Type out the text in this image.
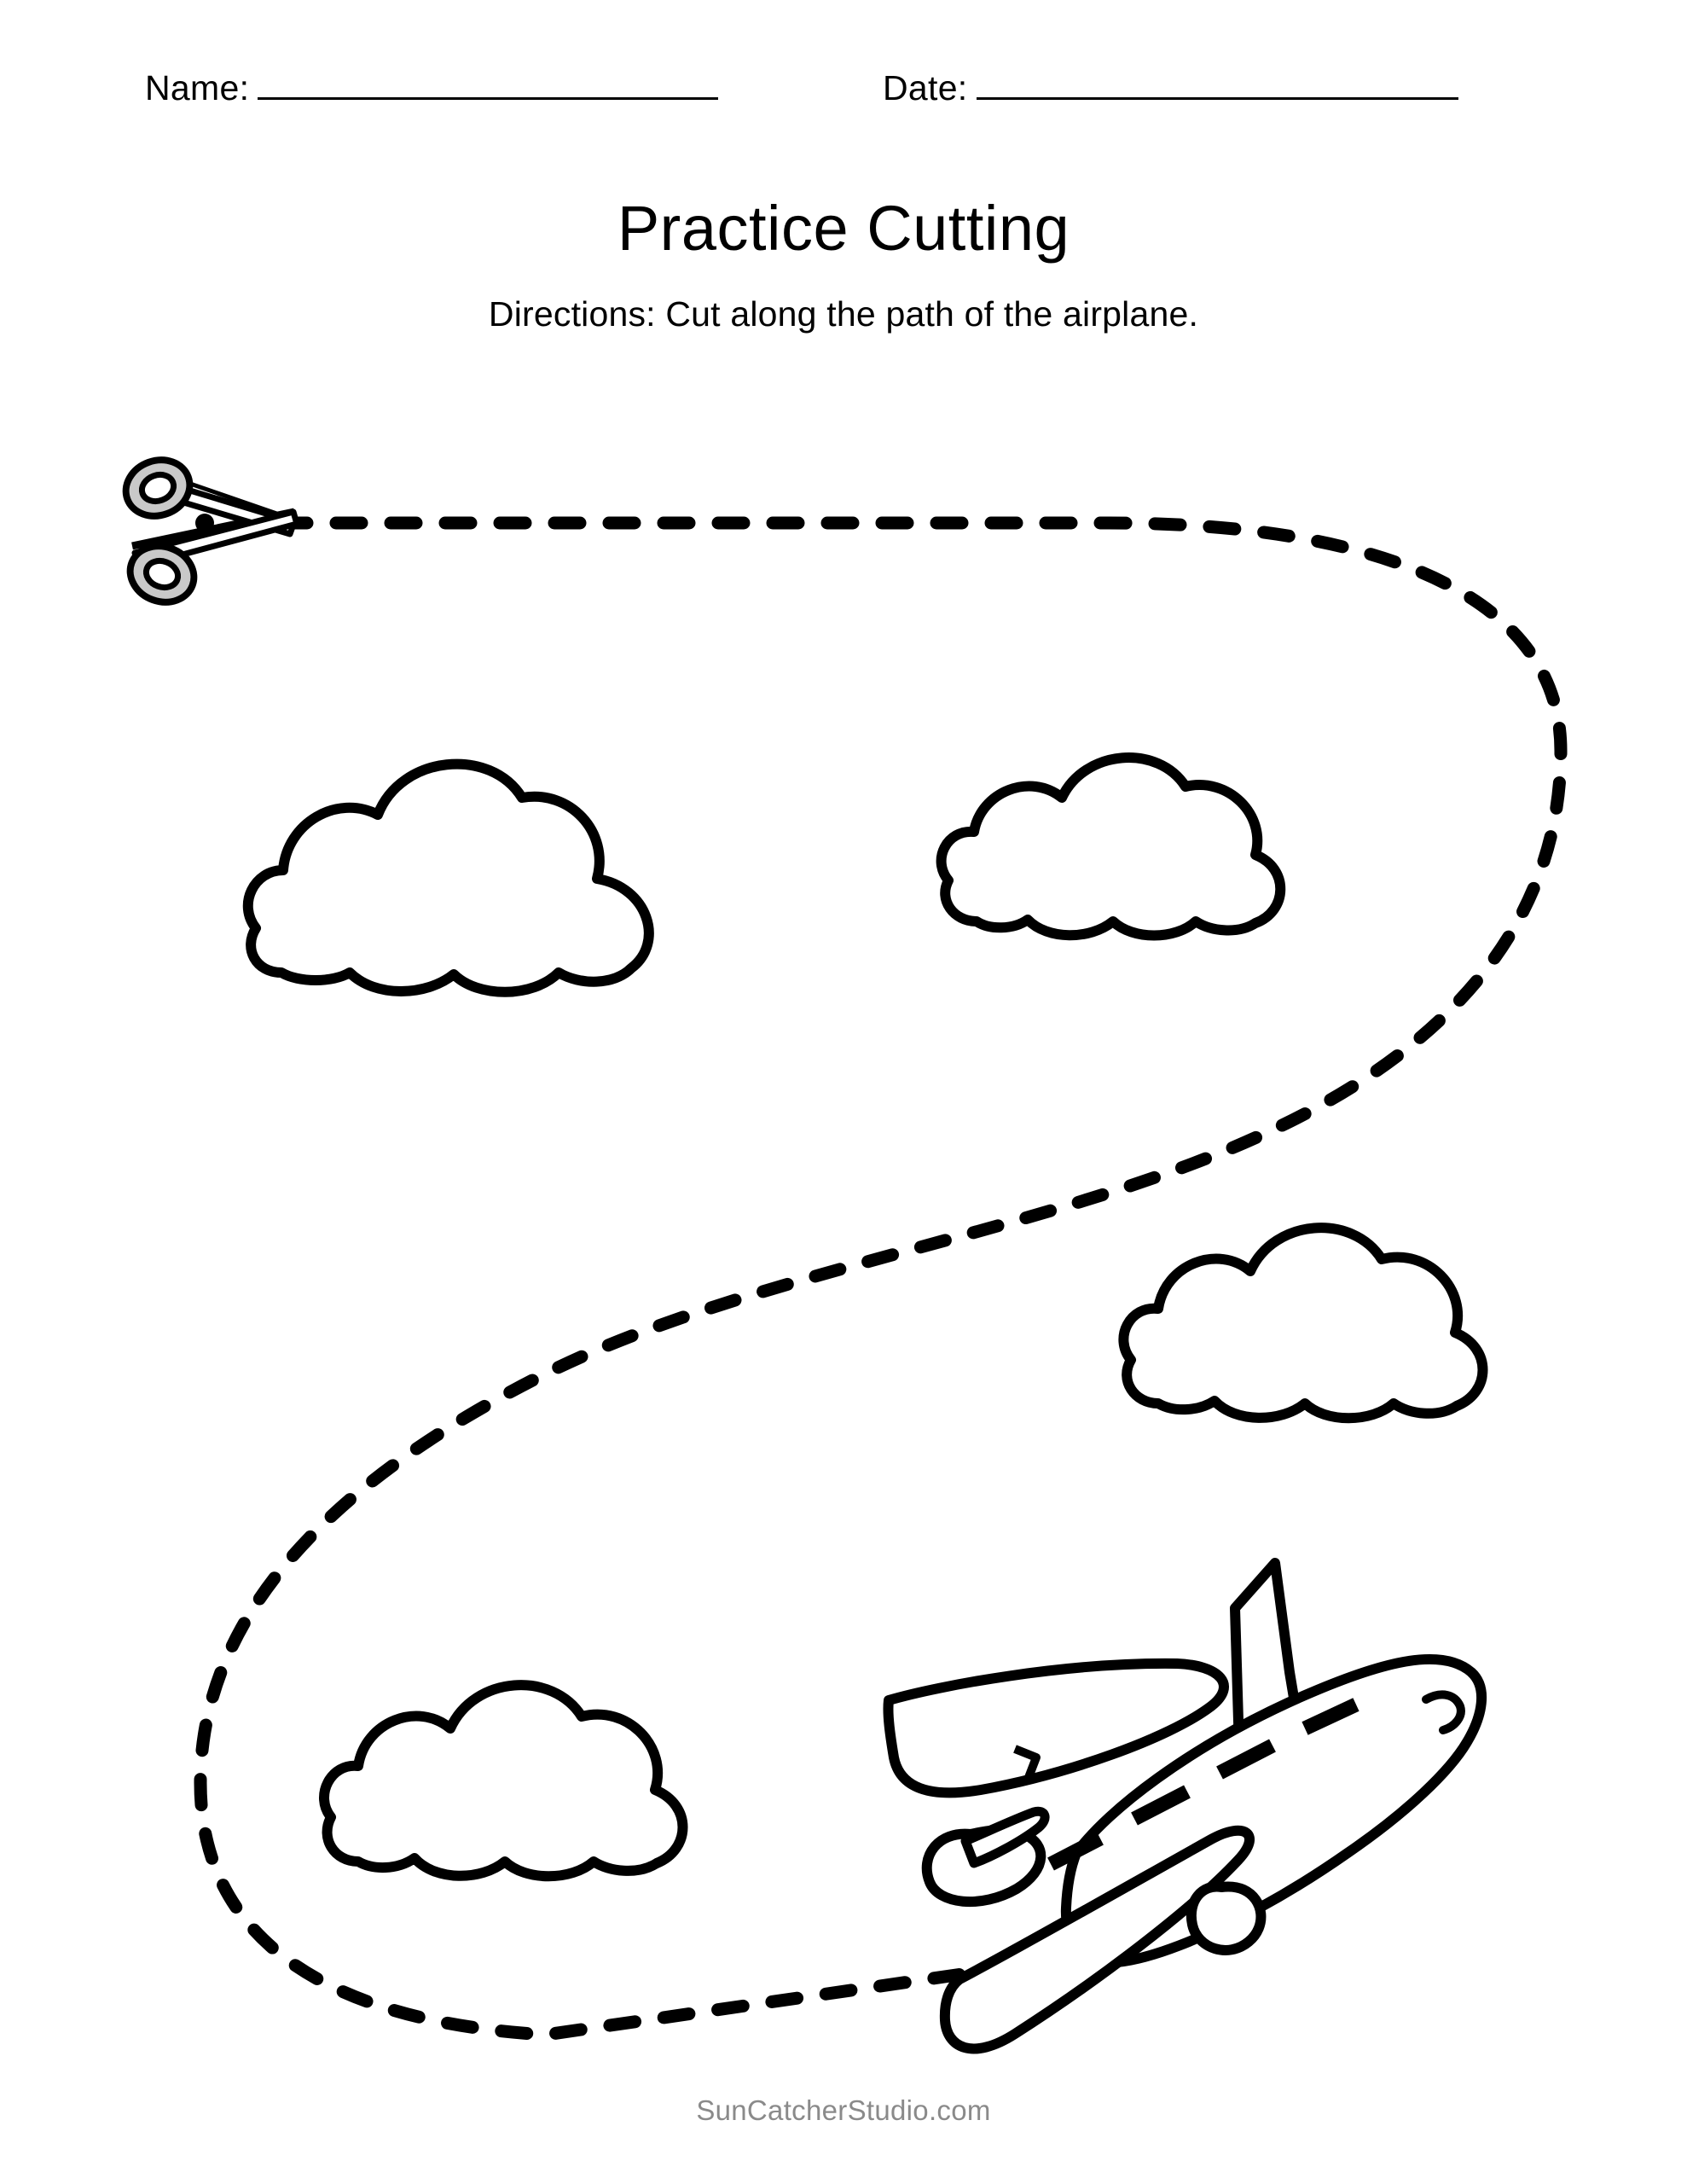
Name:	Date:
Practice Cutting
Directions: Cut along the path of the airplane.
SunCatcherStudio.com
